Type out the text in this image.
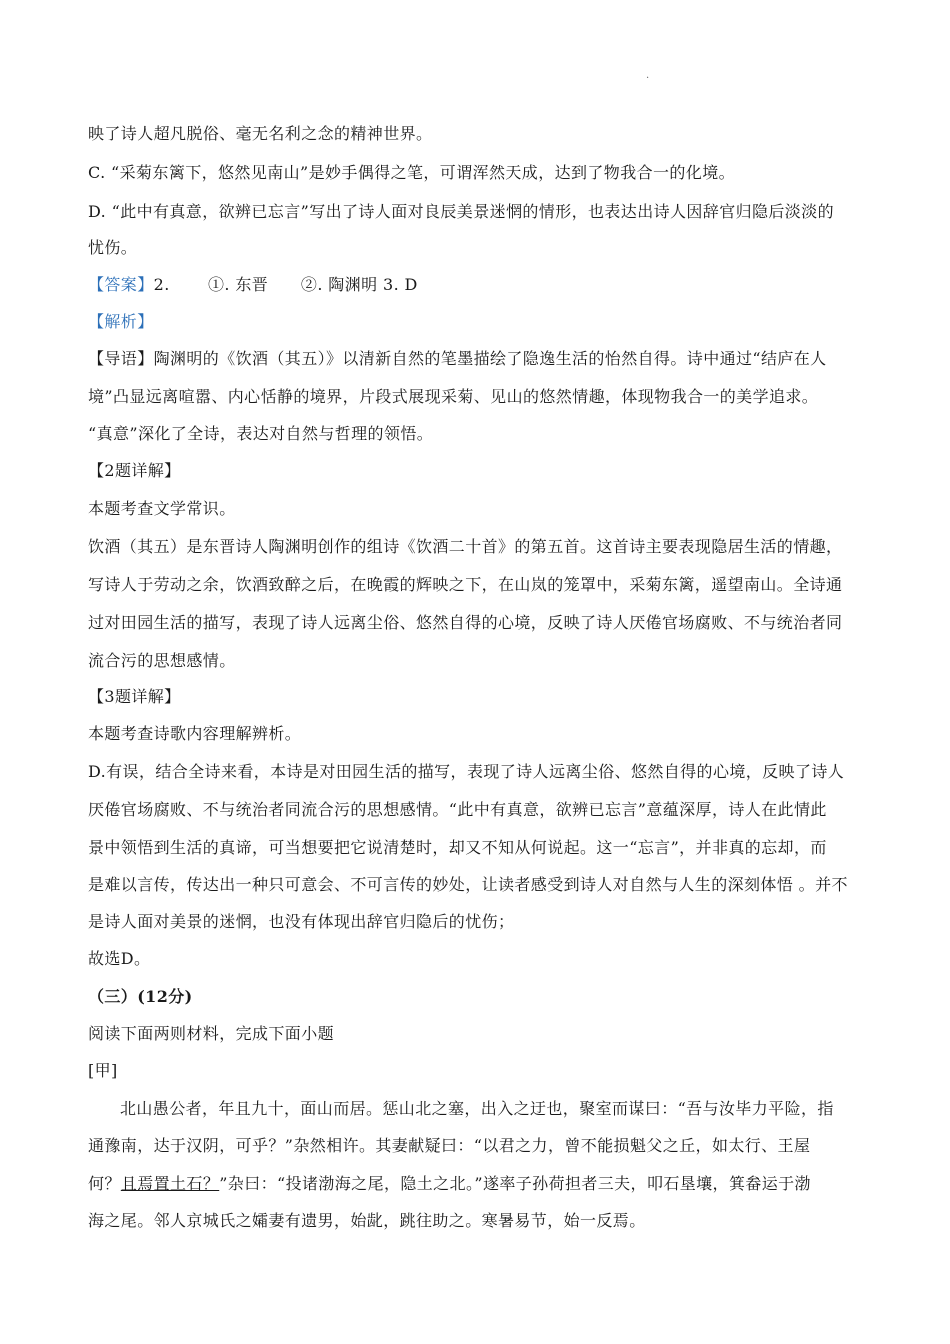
.
映了诗人超凡脱俗、毫无名利之念的精神世界。
C. “采菊东篱下，悠然见南山”是妙手偶得之笔，可谓浑然天成，达到了物我合一的化境。
D. “此中有真意，欲辨已忘言”写出了诗人面对良辰美景迷惘的情形，也表达出诗人因辞官归隐后淡淡的
忧伤。
【答案】2.　　 ①. 东晋　　②. 陶渊明 3. D
【解析】
【导语】陶渊明的《饮酒（其五）》以清新自然的笔墨描绘了隐逸生活的怡然自得。诗中通过“结庐在人
境”凸显远离喧嚣、内心恬静的境界，片段式展现采菊、见山的悠然情趣，体现物我合一的美学追求。
“真意”深化了全诗，表达对自然与哲理的领悟。
【2题详解】
本题考查文学常识。
饮酒（其五）是东晋诗人陶渊明创作的组诗《饮酒二十首》的第五首。这首诗主要表现隐居生活的情趣，
写诗人于劳动之余，饮酒致醉之后，在晚霞的辉映之下，在山岚的笼罩中，采菊东篱，遥望南山。全诗通
过对田园生活的描写，表现了诗人远离尘俗、悠然自得的心境，反映了诗人厌倦官场腐败、不与统治者同
流合污的思想感情。
【3题详解】
本题考查诗歌内容理解辨析。
D.有误，结合全诗来看，本诗是对田园生活的描写，表现了诗人远离尘俗、悠然自得的心境，反映了诗人
厌倦官场腐败、不与统治者同流合污的思想感情。“此中有真意，欲辨已忘言”意蕴深厚，诗人在此情此
景中领悟到生活的真谛，可当想要把它说清楚时，却又不知从何说起。这一“忘言”，并非真的忘却，而
是难以言传，传达出一种只可意会、不可言传的妙处，让读者感受到诗人对自然与人生的深刻体悟 。并不
是诗人面对美景的迷惘，也没有体现出辞官归隐后的忧伤；
故选D。
（三）(12分)
阅读下面两则材料，完成下面小题
[甲]
北山愚公者，年且九十，面山而居。惩山北之塞，出入之迂也，聚室而谋曰：“吾与汝毕力平险，指
通豫南，达于汉阴，可乎？”杂然相许。其妻献疑曰：“以君之力，曾不能损魁父之丘，如太行、王屋
何？且焉置土石？”杂曰：“投诸渤海之尾，隐土之北。”遂率子孙荷担者三夫，叩石垦壤，箕畚运于渤
海之尾。邻人京城氏之孀妻有遗男，始龀，跳往助之。寒暑易节，始一反焉。
